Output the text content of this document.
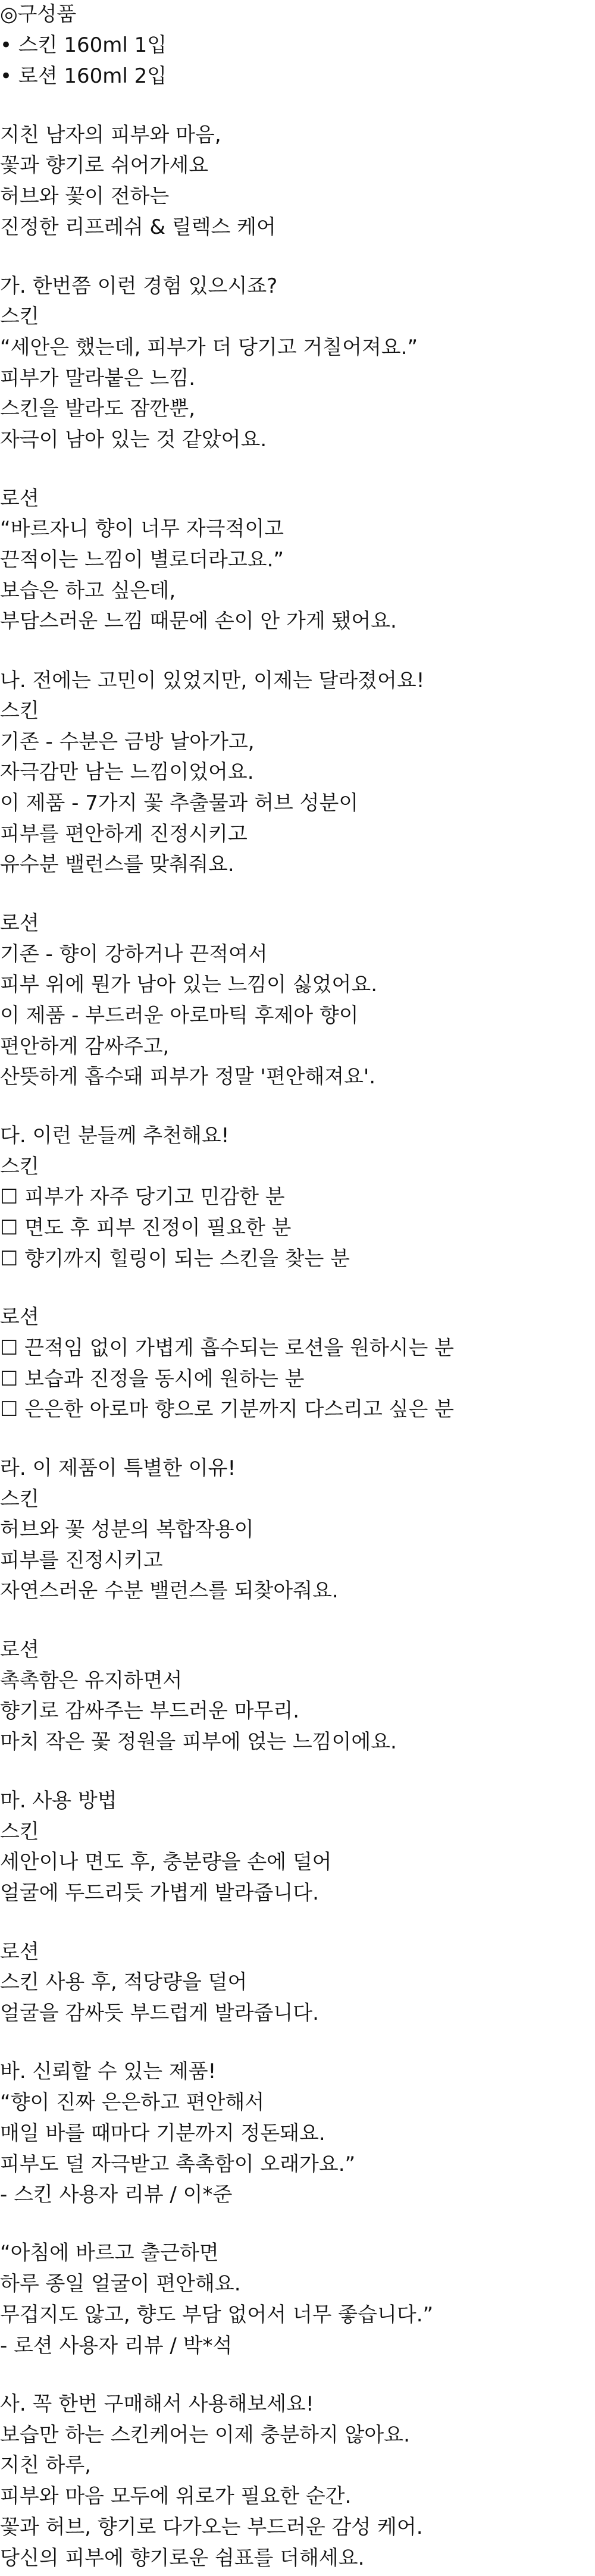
◎구성품
• 스킨 160ml 1입
• 로션 160ml 2입
지친 남자의 피부와 마음,
꽃과 향기로 쉬어가세요
허브와 꽃이 전하는
진정한 리프레쉬 & 릴렉스 케어
가. 한번쯤 이런 경험 있으시죠?
스킨
“세안은 했는데, 피부가 더 당기고 거칠어져요.”
피부가 말라붙은 느낌.
스킨을 발라도 잠깐뿐,
자극이 남아 있는 것 같았어요.
로션
“바르자니 향이 너무 자극적이고
끈적이는 느낌이 별로더라고요.”
보습은 하고 싶은데,
부담스러운 느낌 때문에 손이 안 가게 됐어요.
나. 전에는 고민이 있었지만, 이제는 달라졌어요!
스킨
기존 - 수분은 금방 날아가고,
자극감만 남는 느낌이었어요.
이 제품 - 7가지 꽃 추출물과 허브 성분이
피부를 편안하게 진정시키고
유수분 밸런스를 맞춰줘요.
로션
기존 - 향이 강하거나 끈적여서
피부 위에 뭔가 남아 있는 느낌이 싫었어요.
이 제품 - 부드러운 아로마틱 후제아 향이
편안하게 감싸주고,
산뜻하게 흡수돼 피부가 정말 '편안해져요'.
다. 이런 분들께 추천해요!
스킨
☐ 피부가 자주 당기고 민감한 분
☐ 면도 후 피부 진정이 필요한 분
☐ 향기까지 힐링이 되는 스킨을 찾는 분
로션
☐ 끈적임 없이 가볍게 흡수되는 로션을 원하시는 분
☐ 보습과 진정을 동시에 원하는 분
☐ 은은한 아로마 향으로 기분까지 다스리고 싶은 분
라. 이 제품이 특별한 이유!
스킨
허브와 꽃 성분의 복합작용이
피부를 진정시키고
자연스러운 수분 밸런스를 되찾아줘요.
로션
촉촉함은 유지하면서
향기로 감싸주는 부드러운 마무리.
마치 작은 꽃 정원을 피부에 얹는 느낌이에요.
마. 사용 방법
스킨
세안이나 면도 후, 충분량을 손에 덜어
얼굴에 두드리듯 가볍게 발라줍니다.
로션
스킨 사용 후, 적당량을 덜어
얼굴을 감싸듯 부드럽게 발라줍니다.
바. 신뢰할 수 있는 제품!
“향이 진짜 은은하고 편안해서
매일 바를 때마다 기분까지 정돈돼요.
피부도 덜 자극받고 촉촉함이 오래가요.”
- 스킨 사용자 리뷰 / 이*준
“아침에 바르고 출근하면
하루 종일 얼굴이 편안해요.
무겁지도 않고, 향도 부담 없어서 너무 좋습니다.”
- 로션 사용자 리뷰 / 박*석
사. 꼭 한번 구매해서 사용해보세요!
보습만 하는 스킨케어는 이제 충분하지 않아요.
지친 하루,
피부와 마음 모두에 위로가 필요한 순간.
꽃과 허브, 향기로 다가오는 부드러운 감성 케어.
당신의 피부에 향기로운 쉼표를 더해세요.
